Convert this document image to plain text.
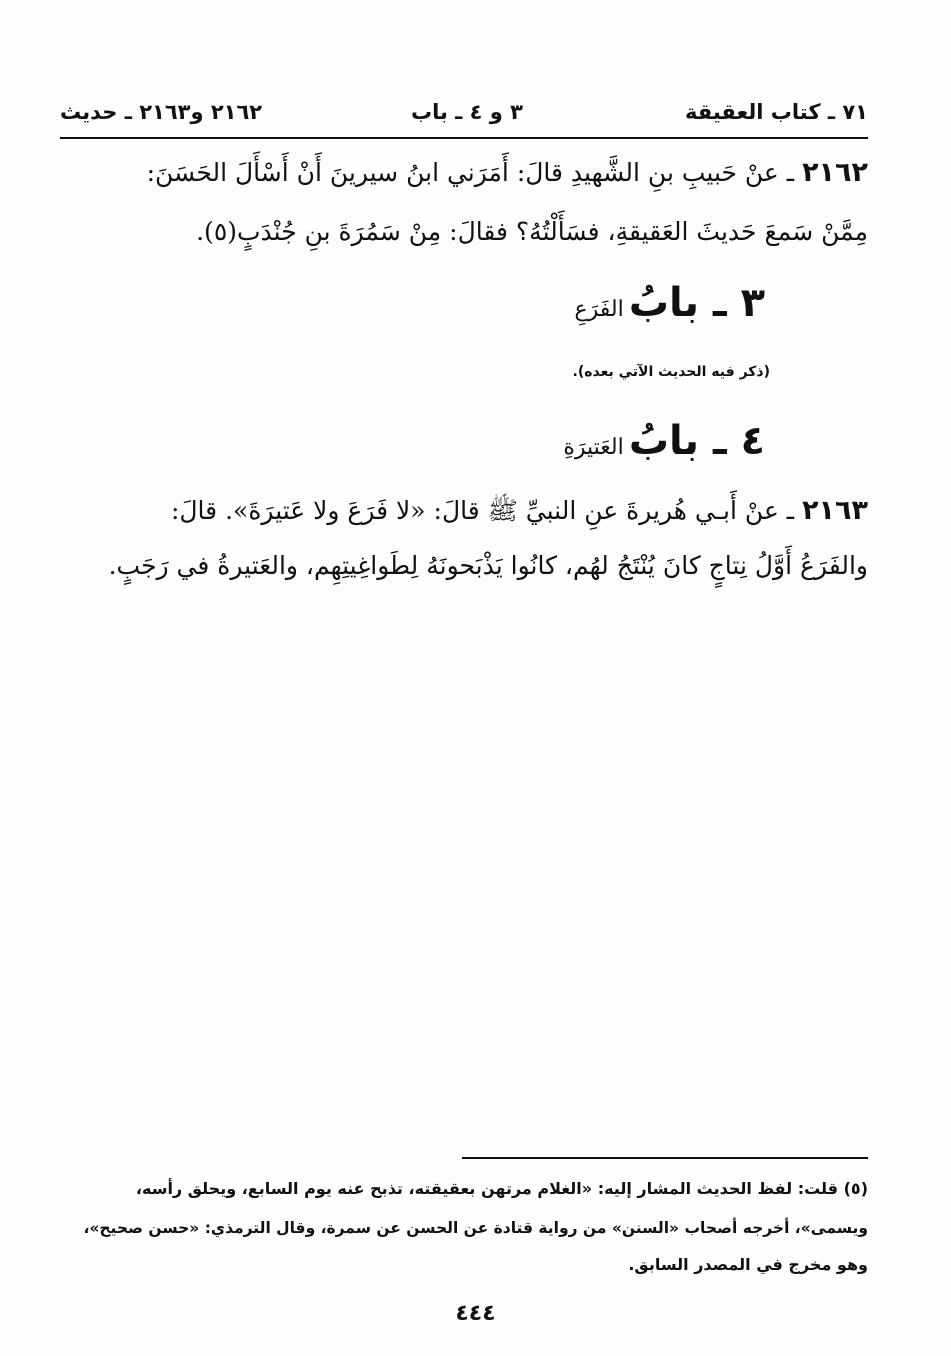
٧١ ـ كتاب العقيقة
٣ و ٤ ـ باب
٢١٦٢ و٢١٦٣ ـ حديث
٢١٦٢ ـ عنْ حَبيبِ بنِ الشَّهيدِ قالَ: أَمَرَني ابنُ سيرينَ أَنْ أَسْأَلَ الحَسَنَ:
مِمَّنْ سَمعَ حَديثَ العَقيقةِ، فسَأَلْتُهُ؟ فقالَ: مِنْ سَمُرَةَ بنِ جُنْدَبٍ(٥).
٣ ـ بابُ الفَرَعِ
(ذكر فيه الحديث الآتي بعده).
٤ ـ بابُ العَتيرَةِ
٢١٦٣ ـ عنْ أَبـي هُريرةَ عنِ النبيِّ ﷺ قالَ: «لا فَرَعَ ولا عَتيرَةَ». قالَ:
والفَرَعُ أَوَّلُ نِتاجٍ كانَ يُنْتَجُ لهُم، كانُوا يَذْبَحونَهُ لِطَواغِيتِهِم، والعَتيرةُ في رَجَبٍ.
(٥) قلت: لفظ الحديث المشار إليه: «الغلام مرتهن بعقيقته، تذبح عنه يوم السابع، ويحلق رأسه،
ويسمى»، أخرجه أصحاب «السنن» من رواية قتادة عن الحسن عن سمرة، وقال الترمذي: «حسن صحيح»،
وهو مخرج في المصدر السابق.
٤٤٤
